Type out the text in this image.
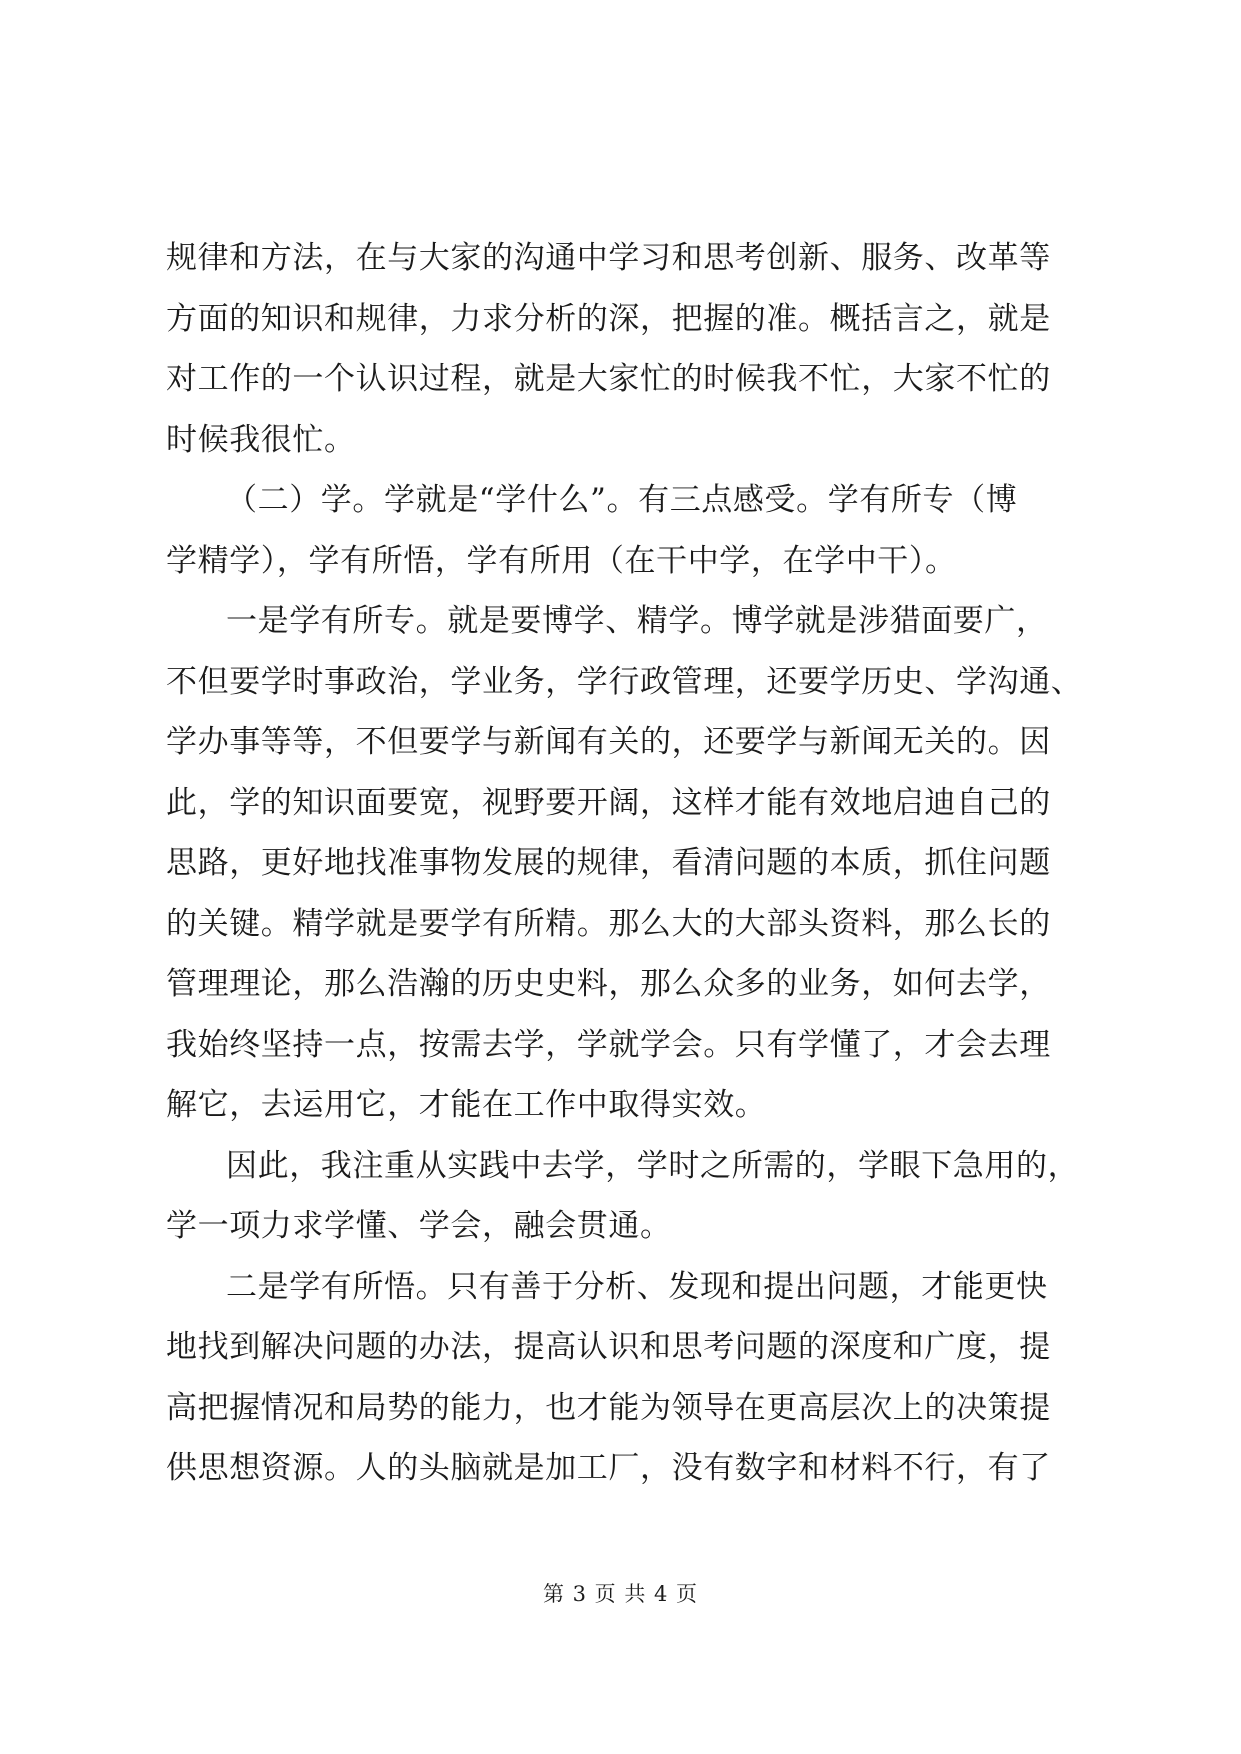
规律和方法，在与大家的沟通中学习和思考创新、服务、改革等
方面的知识和规律，力求分析的深，把握的准。概括言之，就是
对工作的一个认识过程，就是大家忙的时候我不忙，大家不忙的
时候我很忙。
（二）学。学就是“学什么”。有三点感受。学有所专（博
学精学），学有所悟，学有所用（在干中学，在学中干）。
一是学有所专。就是要博学、精学。博学就是涉猎面要广，
不但要学时事政治，学业务，学行政管理，还要学历史、学沟通、
学办事等等，不但要学与新闻有关的，还要学与新闻无关的。因
此，学的知识面要宽，视野要开阔，这样才能有效地启迪自己的
思路，更好地找准事物发展的规律，看清问题的本质，抓住问题
的关键。精学就是要学有所精。那么大的大部头资料，那么长的
管理理论，那么浩瀚的历史史料，那么众多的业务，如何去学，
我始终坚持一点，按需去学，学就学会。只有学懂了，才会去理
解它，去运用它，才能在工作中取得实效。
因此，我注重从实践中去学，学时之所需的，学眼下急用的，
学一项力求学懂、学会，融会贯通。
二是学有所悟。只有善于分析、发现和提出问题，才能更快
地找到解决问题的办法，提高认识和思考问题的深度和广度，提
高把握情况和局势的能力，也才能为领导在更高层次上的决策提
供思想资源。人的头脑就是加工厂，没有数字和材料不行，有了
第 3 页 共 4 页
